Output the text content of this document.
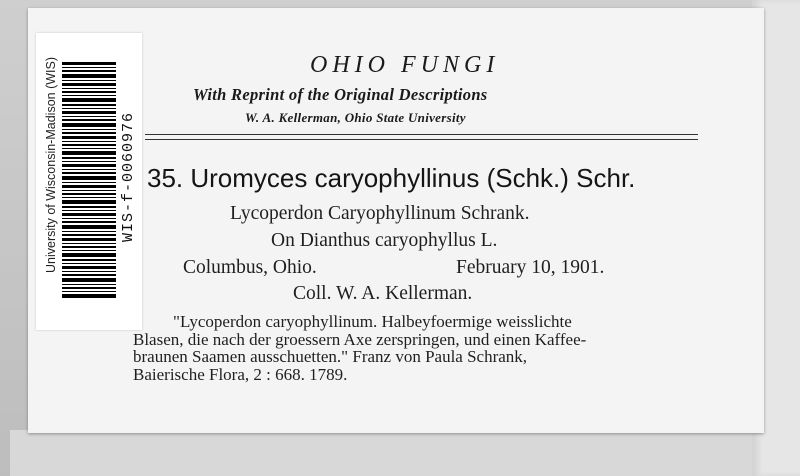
University of Wisconsin-Madison (WIS)	WIS-f-0060976
OHIO FUNGI
With Reprint of the Original Descriptions
W. A. Kellerman, Ohio State University
35. Uromyces caryophyllinus (Schk.) Schr.
Lycoperdon Caryophyllinum Schrank.
On Dianthus caryophyllus L.
Columbus, Ohio.	February 10, 1901.
Coll. W. A. Kellerman.
"Lycoperdon caryophyllinum. Halbeyfoermige weisslichte
Blasen, die nach der groessern Axe zerspringen, und einen Kaffee-
braunen Saamen ausschuetten." Franz von Paula Schrank,
Baierische Flora, 2 : 668. 1789.
